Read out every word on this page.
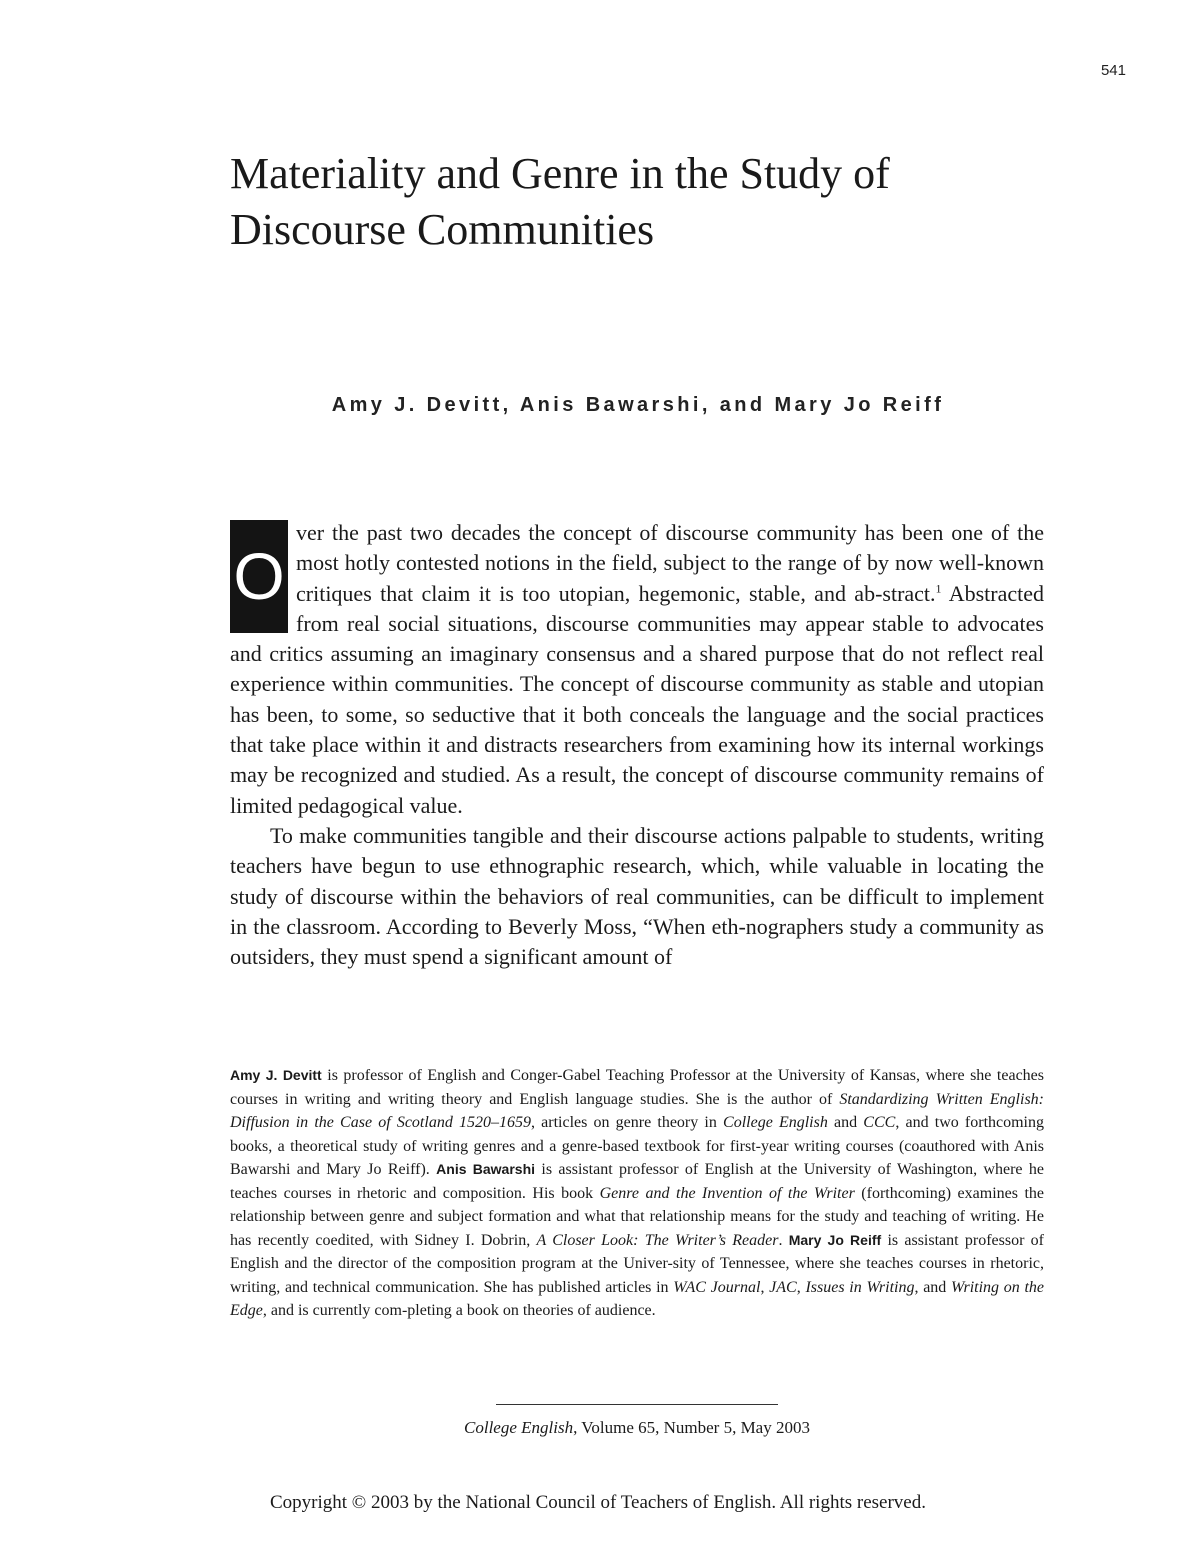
541
Materiality and Genre in the Study of
Discourse Communities
Amy J. Devitt, Anis Bawarshi, and Mary Jo Reiff

O
ver the past two decades the concept of discourse community has been one of the most hotly contested notions in the field, subject to the range of by now well-known critiques that claim it is too utopian, hegemonic, stable, and ab-stract.$^1$ Abstracted from real social situations, discourse communities may appear stable to advocates and critics assuming an imaginary consensus and a shared purpose that do not reflect real experience within communities. The concept of discourse community as stable and utopian has been, to some, so seductive that it both conceals the language and the social practices that take place within it and distracts researchers from examining how its internal workings may be recognized and studied. As a result, the concept of discourse community remains of limited pedagogical value.

To make communities tangible and their discourse actions palpable to students, writing teachers have begun to use ethnographic research, which, while valuable in locating the study of discourse within the behaviors of real communities, can be difficult to implement in the classroom. According to Beverly Moss, “When eth-nographers study a community as outsiders, they must spend a significant amount of

Amy J. Devitt is professor of English and Conger-Gabel Teaching Professor at the University of Kansas, where she teaches courses in writing and writing theory and English language studies. She is the author of Standardizing Written English: Diffusion in the Case of Scotland 1520–1659, articles on genre theory in College English and CCC, and two forthcoming books, a theoretical study of writing genres and a genre-based textbook for first-year writing courses (coauthored with Anis Bawarshi and Mary Jo Reiff). Anis Bawarshi is assistant professor of English at the University of Washington, where he teaches courses in rhetoric and composition. His book Genre and the Invention of the Writer (forthcoming) examines the relationship between genre and subject formation and what that relationship means for the study and teaching of writing. He has recently coedited, with Sidney I. Dobrin, A Closer Look: The Writer’s Reader. Mary Jo Reiff is assistant professor of English and the director of the composition program at the Univer-sity of Tennessee, where she teaches courses in rhetoric, writing, and technical communication. She has published articles in WAC Journal, JAC, Issues in Writing, and Writing on the Edge, and is currently com-pleting a book on theories of audience.

College English, Volume 65, Number 5, May 2003
Copyright © 2003 by the National Council of Teachers of English. All rights reserved.
